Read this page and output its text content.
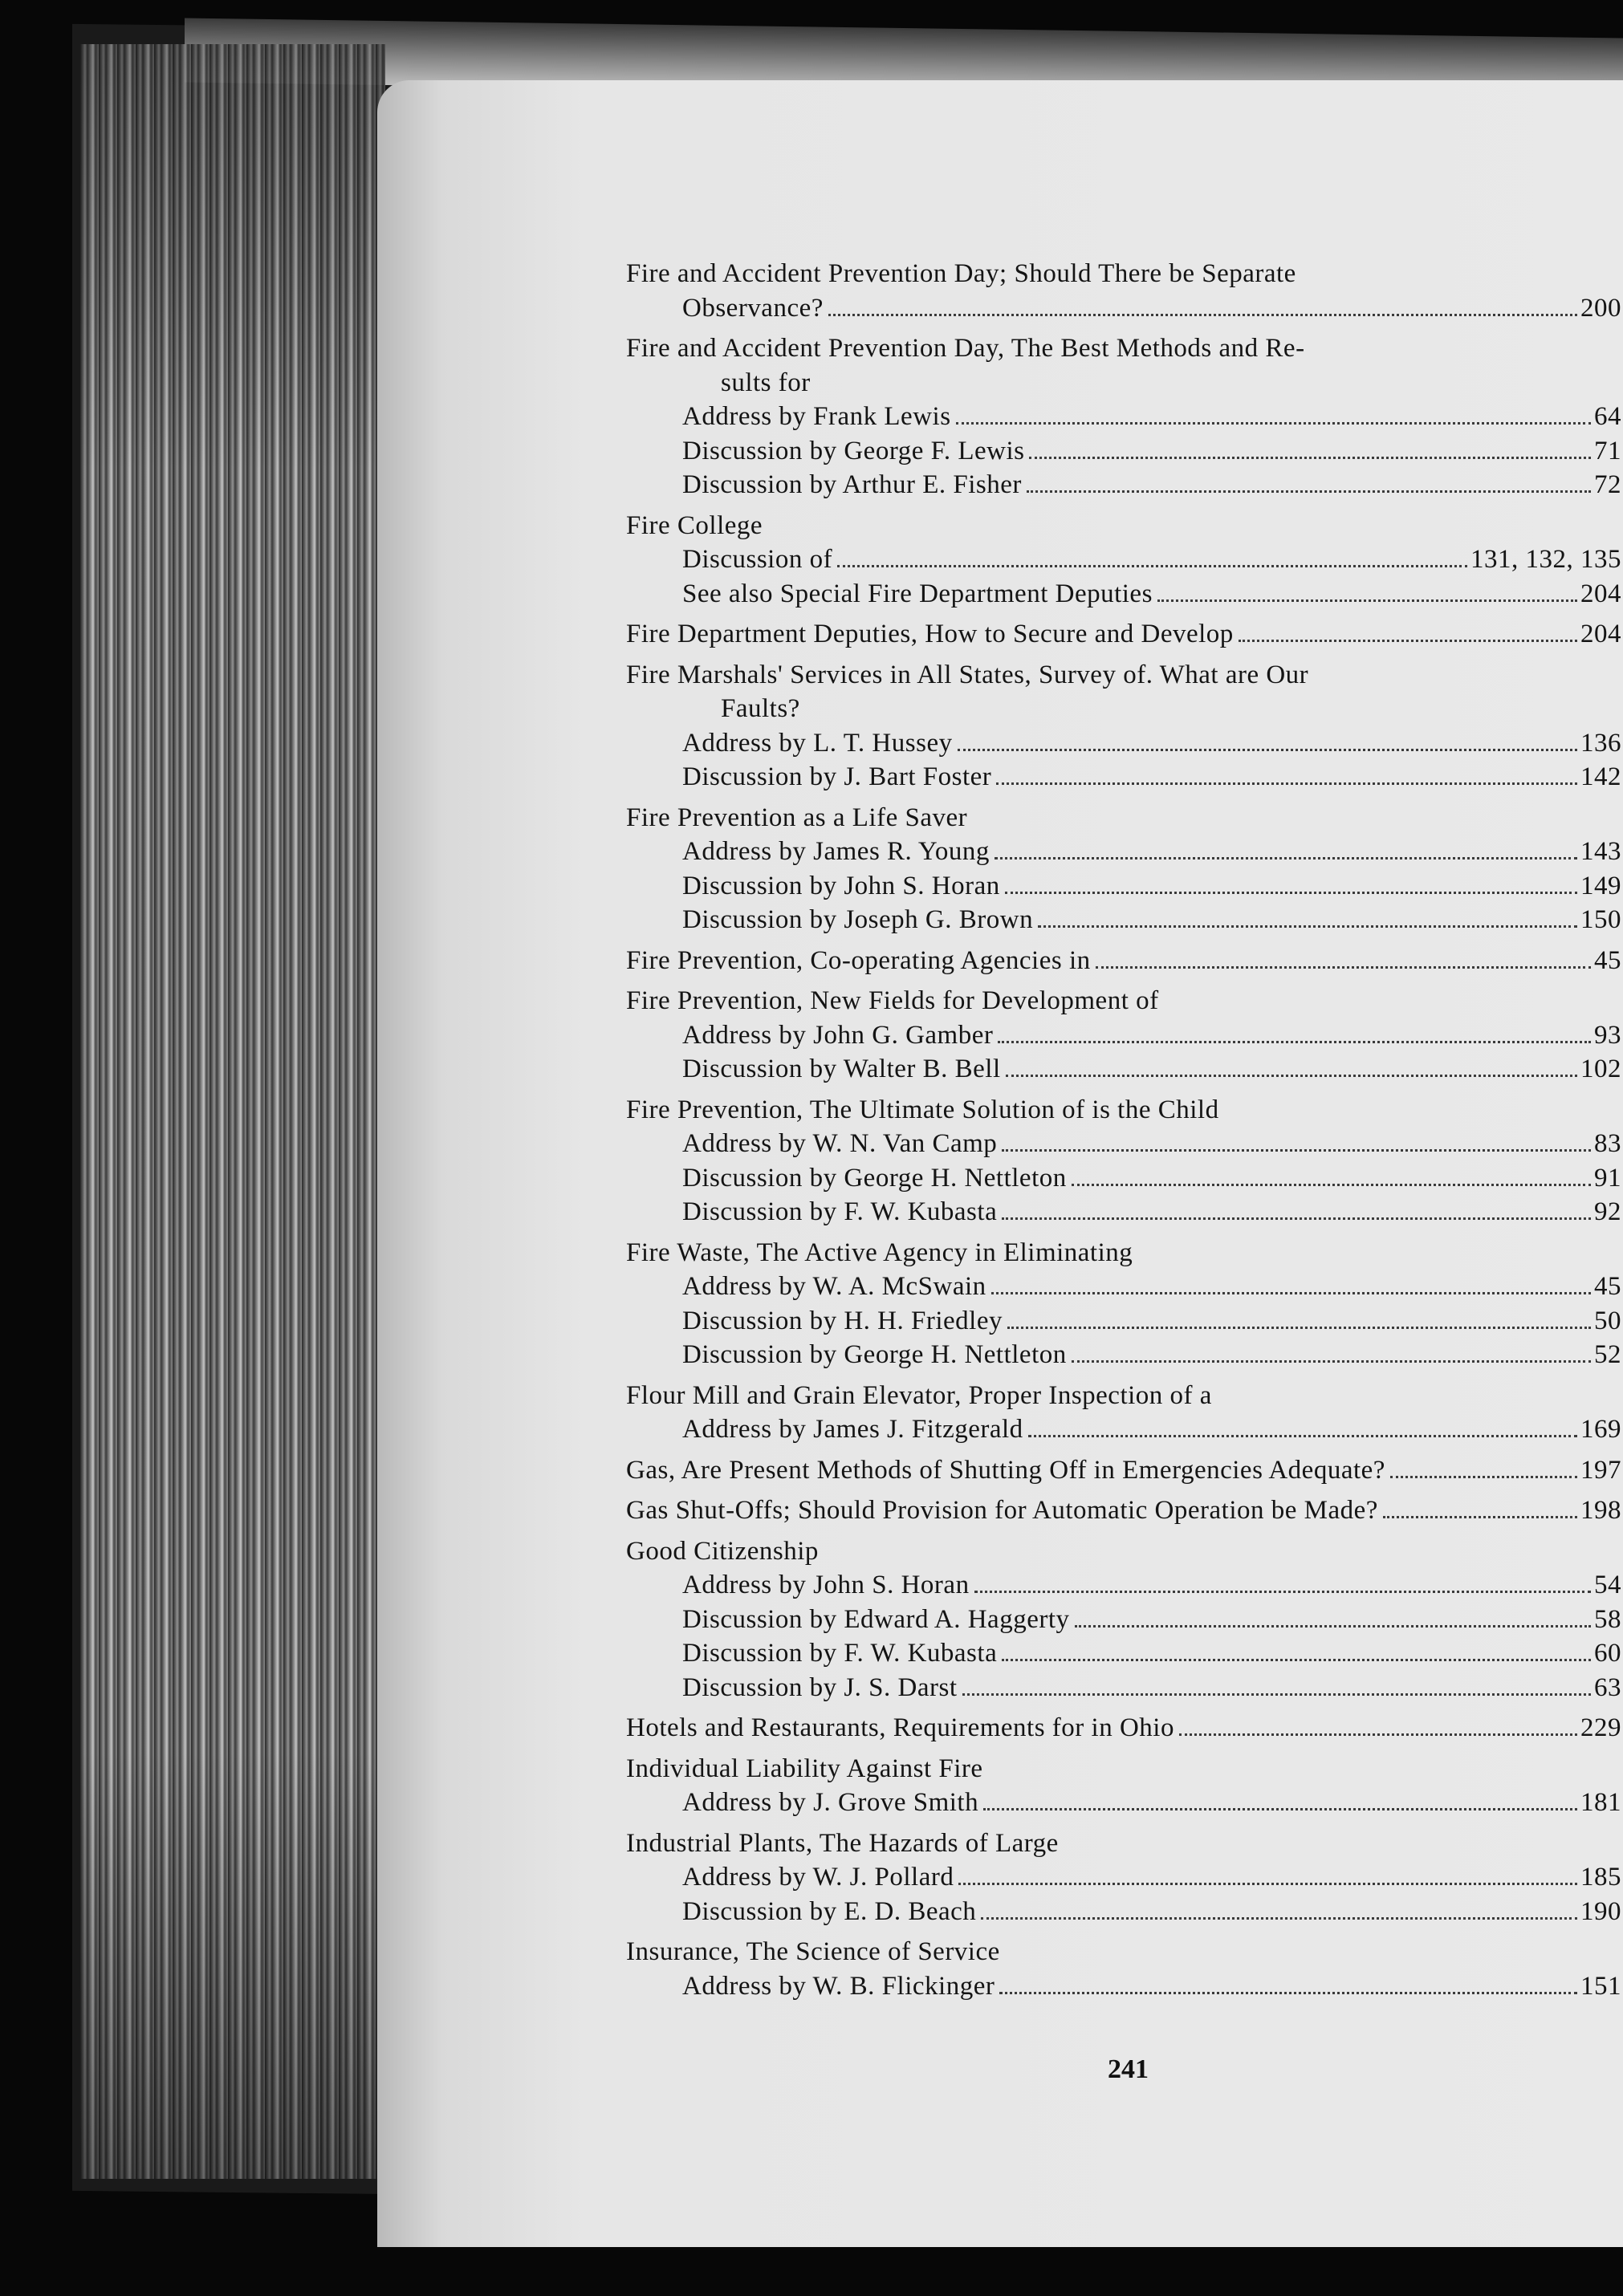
Fire and Accident Prevention Day; Should There be Separate
Observance?	200
Fire and Accident Prevention Day, The Best Methods and Re-
sults for
Address by Frank Lewis	64
Discussion by George F. Lewis	71
Discussion by Arthur E. Fisher	72
Fire College
Discussion of	131, 132, 135
See also Special Fire Department Deputies	204
Fire Department Deputies, How to Secure and Develop	204
Fire Marshals' Services in All States, Survey of. What are Our
Faults?
Address by L. T. Hussey	136
Discussion by J. Bart Foster	142
Fire Prevention as a Life Saver
Address by James R. Young	143
Discussion by John S. Horan	149
Discussion by Joseph G. Brown	150
Fire Prevention, Co-operating Agencies in	45
Fire Prevention, New Fields for Development of
Address by John G. Gamber	93
Discussion by Walter B. Bell	102
Fire Prevention, The Ultimate Solution of is the Child
Address by W. N. Van Camp	83
Discussion by George H. Nettleton	91
Discussion by F. W. Kubasta	92
Fire Waste, The Active Agency in Eliminating
Address by W. A. McSwain	45
Discussion by H. H. Friedley	50
Discussion by George H. Nettleton	52
Flour Mill and Grain Elevator, Proper Inspection of a
Address by James J. Fitzgerald	169
Gas, Are Present Methods of Shutting Off in Emergencies Adequate?	197
Gas Shut-Offs; Should Provision for Automatic Operation be Made?	198
Good Citizenship
Address by John S. Horan	54
Discussion by Edward A. Haggerty	58
Discussion by F. W. Kubasta	60
Discussion by J. S. Darst	63
Hotels and Restaurants, Requirements for in Ohio	229
Individual Liability Against Fire
Address by J. Grove Smith	181
Industrial Plants, The Hazards of Large
Address by W. J. Pollard	185
Discussion by E. D. Beach	190
Insurance, The Science of Service
Address by W. B. Flickinger	151
241
